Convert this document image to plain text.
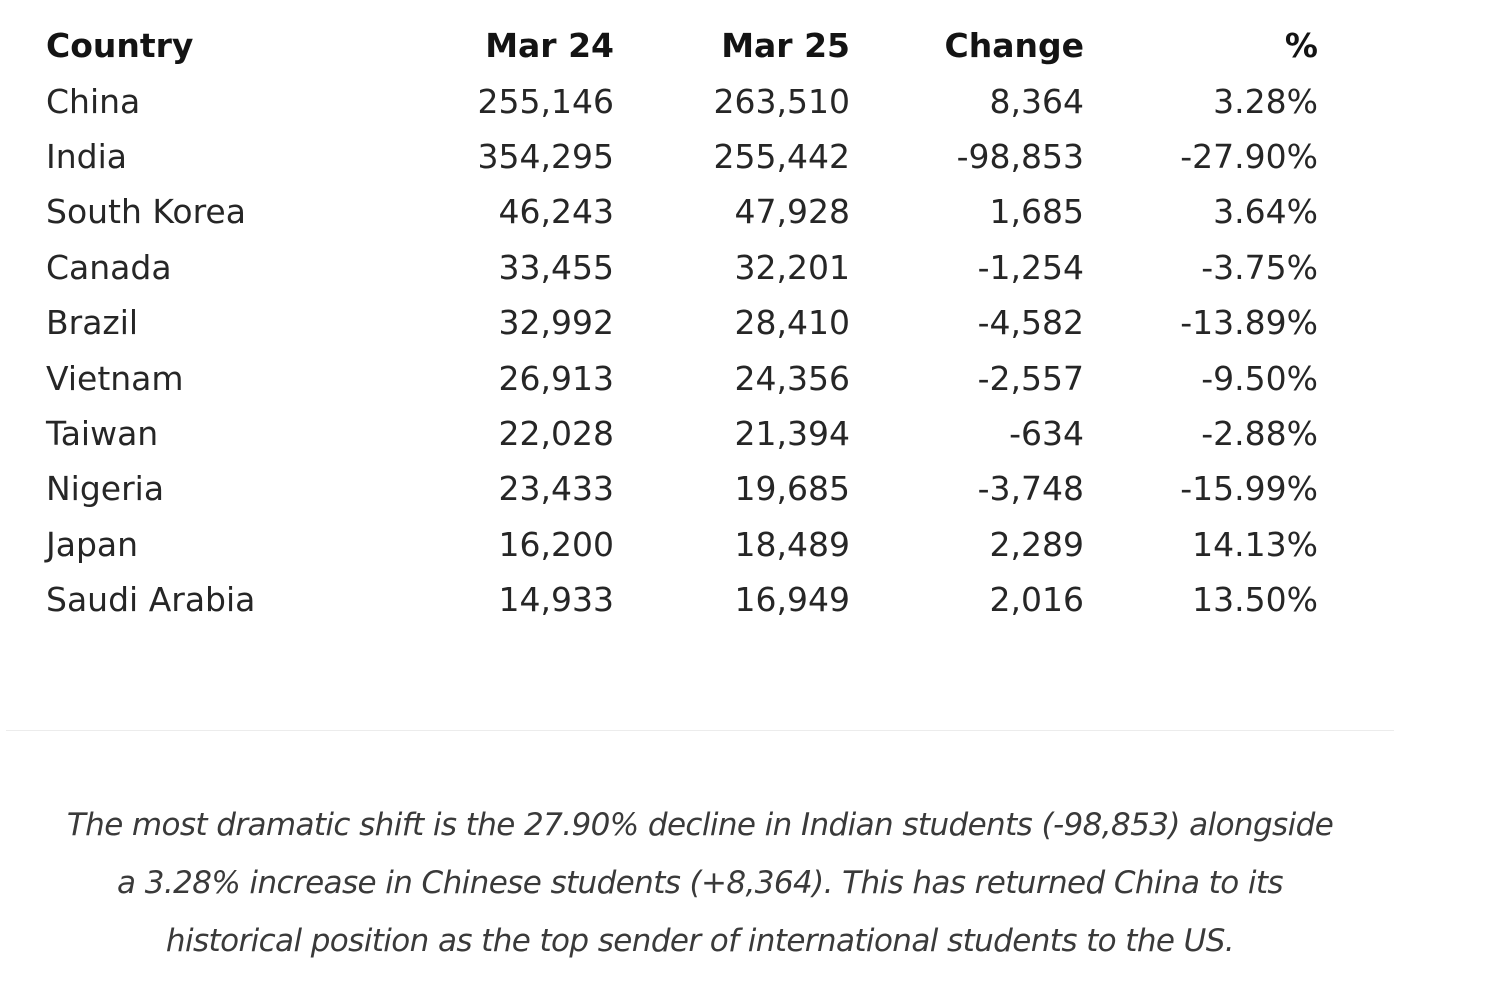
Country	Mar 24	Mar 25	Change	%
China	255,146	263,510	8,364	3.28%
India	354,295	255,442	-98,853	-27.90%
South Korea	46,243	47,928	1,685	3.64%
Canada	33,455	32,201	-1,254	-3.75%
Brazil	32,992	28,410	-4,582	-13.89%
Vietnam	26,913	24,356	-2,557	-9.50%
Taiwan	22,028	21,394	-634	-2.88%
Nigeria	23,433	19,685	-3,748	-15.99%
Japan	16,200	18,489	2,289	14.13%
Saudi Arabia	14,933	16,949	2,016	13.50%
The most dramatic shift is the 27.90% decline in Indian students (-98,853) alongside
a 3.28% increase in Chinese students (+8,364). This has returned China to its
historical position as the top sender of international students to the US.
